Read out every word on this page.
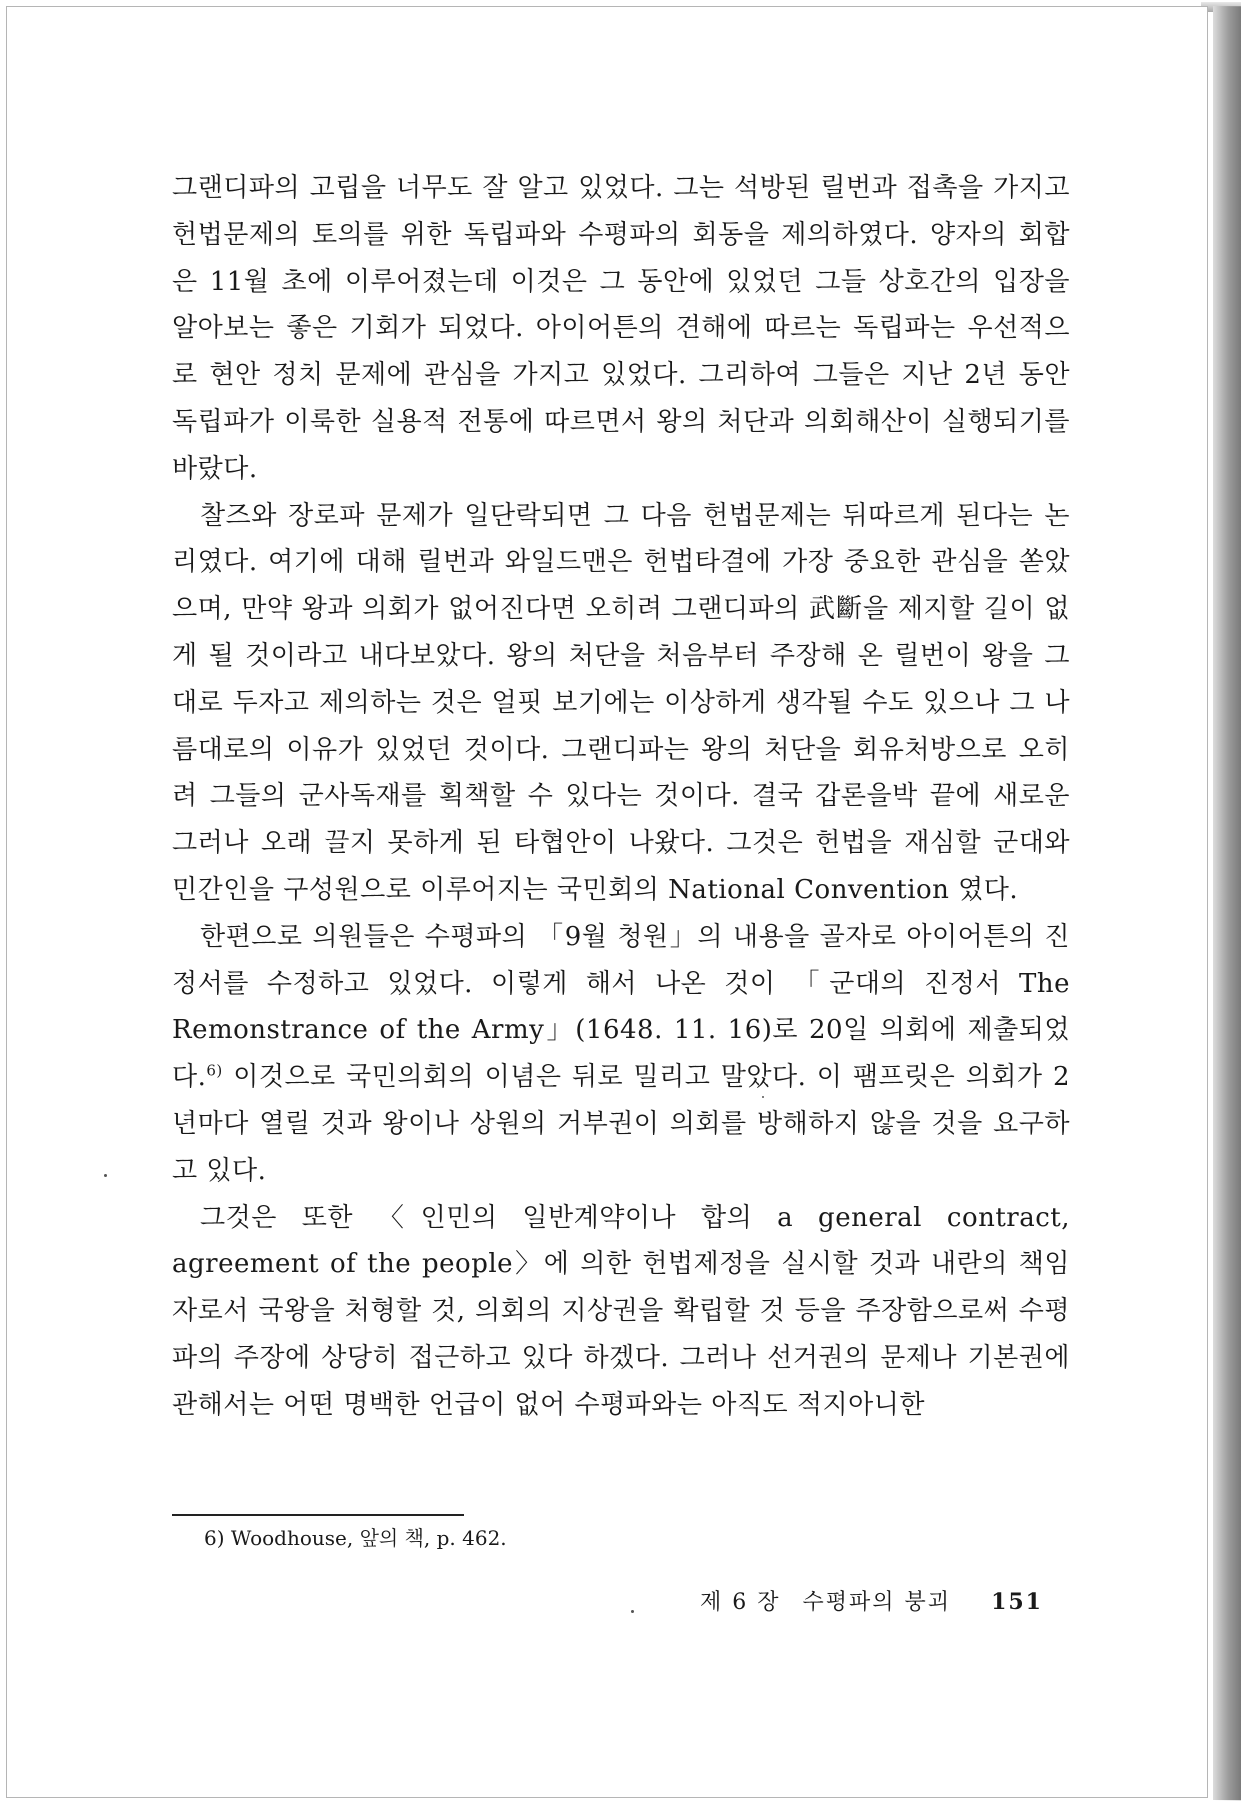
그랜디파의 고립을 너무도 잘 알고 있었다. 그는 석방된 릴번과 접촉을 가지고 헌법문제의 토의를 위한 독립파와 수평파의 회동을 제의하였다. 양자의 회합은 11월 초에 이루어졌는데 이것은 그 동안에 있었던 그들 상호간의 입장을 알아보는 좋은 기회가 되었다. 아이어튼의 견해에 따르는 독립파는 우선적으로 현안 정치 문제에 관심을 가지고 있었다. 그리하여 그들은 지난 2년 동안 독립파가 이룩한 실용적 전통에 따르면서 왕의 처단과 의회해산이 실행되기를 바랐다.

찰즈와 장로파 문제가 일단락되면 그 다음 헌법문제는 뒤따르게 된다는 논리였다. 여기에 대해 릴번과 와일드맨은 헌법타결에 가장 중요한 관심을 쏟았으며, 만약 왕과 의회가 없어진다면 오히려 그랜디파의 武斷을 제지할 길이 없게 될 것이라고 내다보았다. 왕의 처단을 처음부터 주장해 온 릴번이 왕을 그대로 두자고 제의하는 것은 얼핏 보기에는 이상하게 생각될 수도 있으나 그 나름대로의 이유가 있었던 것이다. 그랜디파는 왕의 처단을 회유처방으로 오히려 그들의 군사독재를 획책할 수 있다는 것이다. 결국 갑론을박 끝에 새로운 그러나 오래 끌지 못하게 된 타협안이 나왔다. 그것은 헌법을 재심할 군대와 민간인을 구성원으로 이루어지는 국민회의 National Convention 였다.

한편으로 의원들은 수평파의 「9월 청원」의 내용을 골자로 아이어튼의 진정서를 수정하고 있었다. 이렇게 해서 나온 것이 「군대의 진정서 The Remonstrance of the Army」(1648. 11. 16)로 20일 의회에 제출되었다.$^{6)}$ 이것으로 국민의회의 이념은 뒤로 밀리고 말았다. 이 팸프릿은 의회가 2년마다 열릴 것과 왕이나 상원의 거부권이 의회를 방해하지 않을 것을 요구하고 있다.

그것은 또한 〈인민의 일반계약이나 합의 a general contract, agreement of the people〉에 의한 헌법제정을 실시할 것과 내란의 책임자로서 국왕을 처형할 것, 의회의 지상권을 확립할 것 등을 주장함으로써 수평파의 주장에 상당히 접근하고 있다 하겠다. 그러나 선거권의 문제나 기본권에 관해서는 어떤 명백한 언급이 없어 수평파와는 아직도 적지아니한

6) Woodhouse, 앞의 책, p. 462.

제 6 장 수평파의 붕괴 151
